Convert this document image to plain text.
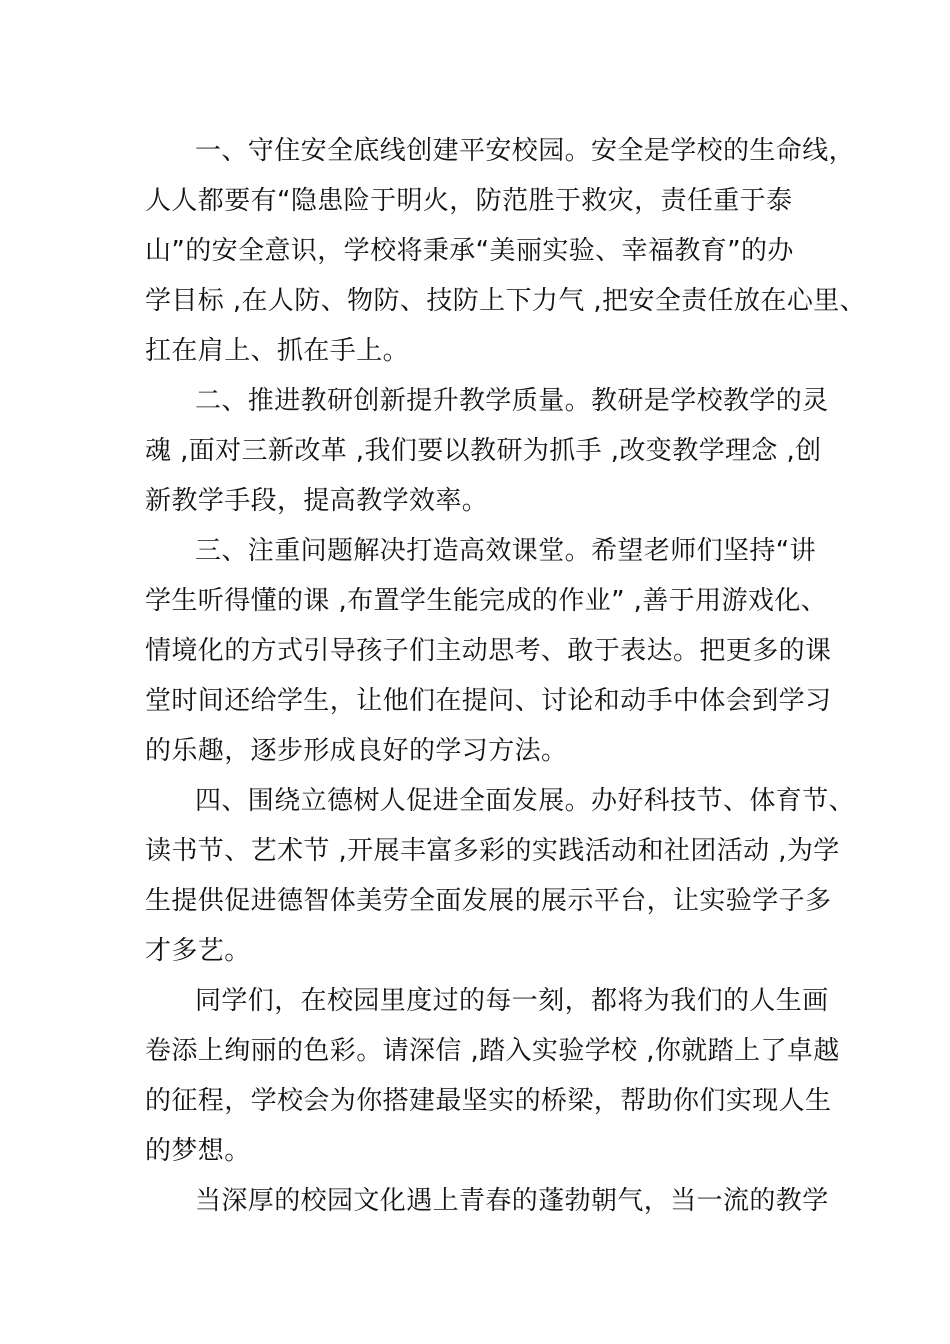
一、守住安全底线创建平安校园。安全是学校的生命线，
人人都要有“隐患险于明火，防范胜于救灾，责任重于泰
山”的安全意识，学校将秉承“美丽实验、幸福教育”的办
学目标 ,在人防、物防、技防上下力气 ,把安全责任放在心里、
扛在肩上、抓在手上。
二、推进教研创新提升教学质量。教研是学校教学的灵
魂 ,面对三新改革 ,我们要以教研为抓手 ,改变教学理念 ,创
新教学手段，提高教学效率。
三、注重问题解决打造高效课堂。希望老师们坚持“讲
学生听得懂的课 ,布置学生能完成的作业” ,善于用游戏化、
情境化的方式引导孩子们主动思考、敢于表达。把更多的课
堂时间还给学生，让他们在提问、讨论和动手中体会到学习
的乐趣，逐步形成良好的学习方法。
四、围绕立德树人促进全面发展。办好科技节、体育节、
读书节、艺术节 ,开展丰富多彩的实践活动和社团活动 ,为学
生提供促进德智体美劳全面发展的展示平台，让实验学子多
才多艺。
同学们，在校园里度过的每一刻，都将为我们的人生画
卷添上绚丽的色彩。请深信 ,踏入实验学校 ,你就踏上了卓越
的征程，学校会为你搭建最坚实的桥梁，帮助你们实现人生
的梦想。
当深厚的校园文化遇上青春的蓬勃朝气，当一流的教学
